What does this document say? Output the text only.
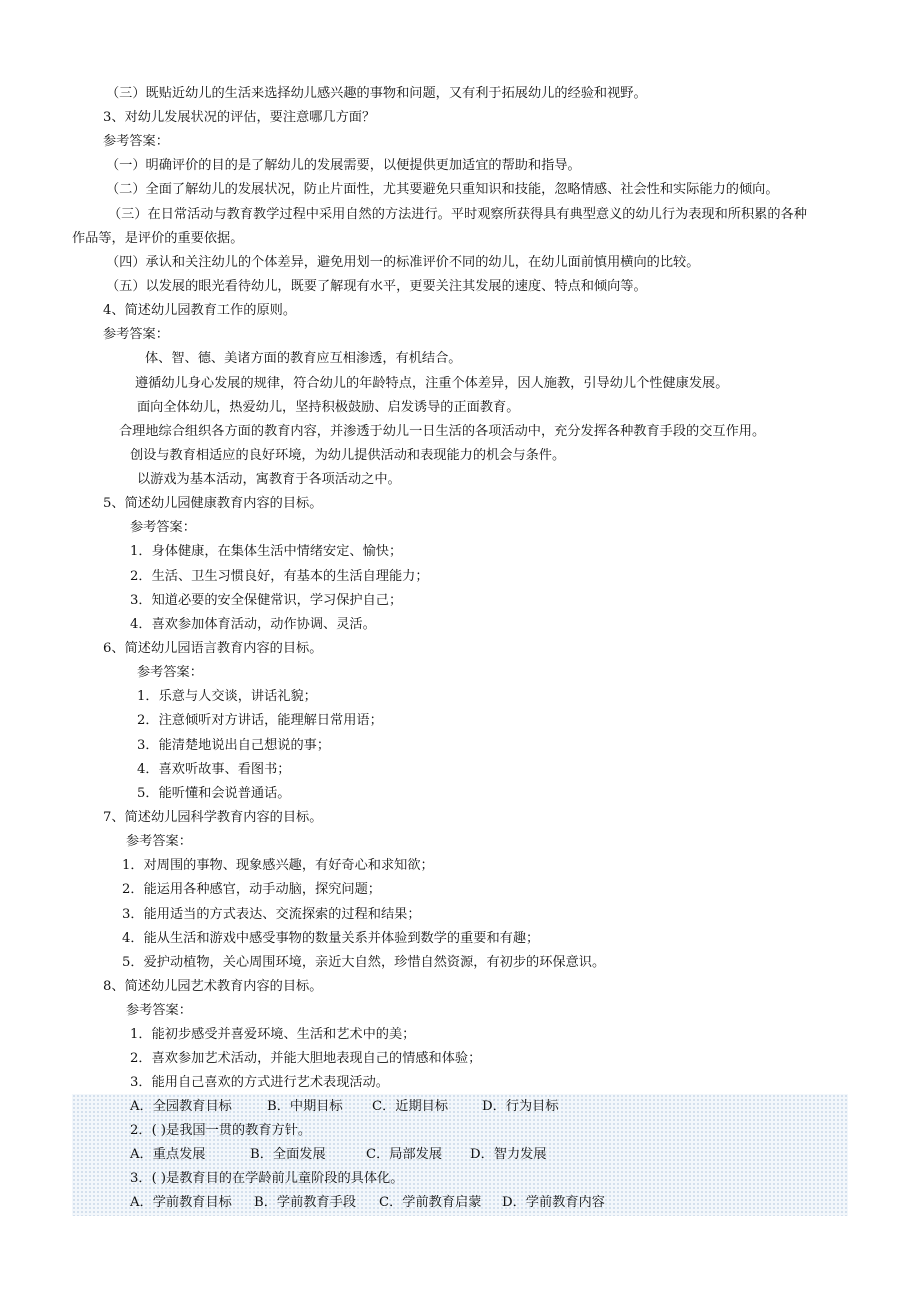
（三）既贴近幼儿的生活来选择幼儿感兴趣的事物和问题，又有利于拓展幼儿的经验和视野。
3、对幼儿发展状况的评估，要注意哪几方面？
参考答案：
（一）明确评价的目的是了解幼儿的发展需要，以便提供更加适宜的帮助和指导。
（二）全面了解幼儿的发展状况，防止片面性，尤其要避免只重知识和技能，忽略情感、社会性和实际能力的倾向。
（三）在日常活动与教育教学过程中采用自然的方法进行。平时观察所获得具有典型意义的幼儿行为表现和所积累的各种
作品等，是评价的重要依据。
（四）承认和关注幼儿的个体差异，避免用划一的标准评价不同的幼儿，在幼儿面前慎用横向的比较。
（五）以发展的眼光看待幼儿，既要了解现有水平，更要关注其发展的速度、特点和倾向等。
4、简述幼儿园教育工作的原则。
参考答案：
体、智、德、美诸方面的教育应互相渗透，有机结合。
遵循幼儿身心发展的规律，符合幼儿的年龄特点，注重个体差异，因人施教，引导幼儿个性健康发展。
面向全体幼儿，热爱幼儿，坚持积极鼓励、启发诱导的正面教育。
合理地综合组织各方面的教育内容，并渗透于幼儿一日生活的各项活动中，充分发挥各种教育手段的交互作用。
创设与教育相适应的良好环境，为幼儿提供活动和表现能力的机会与条件。
以游戏为基本活动，寓教育于各项活动之中。
5、简述幼儿园健康教育内容的目标。
参考答案：
1．身体健康，在集体生活中情绪安定、愉快；
2．生活、卫生习惯良好，有基本的生活自理能力；
3．知道必要的安全保健常识，学习保护自己；
4．喜欢参加体育活动，动作协调、灵活。
6、简述幼儿园语言教育内容的目标。
参考答案：
1．乐意与人交谈，讲话礼貌；
2．注意倾听对方讲话，能理解日常用语；
3．能清楚地说出自己想说的事；
4．喜欢听故事、看图书；
5．能听懂和会说普通话。
7、简述幼儿园科学教育内容的目标。
参考答案：
1．对周围的事物、现象感兴趣，有好奇心和求知欲；
2．能运用各种感官，动手动脑，探究问题；
3．能用适当的方式表达、交流探索的过程和结果；
4．能从生活和游戏中感受事物的数量关系并体验到数学的重要和有趣；
5．爱护动植物，关心周围环境，亲近大自然，珍惜自然资源，有初步的环保意识。
8、简述幼儿园艺术教育内容的目标。
参考答案：
1．能初步感受并喜爱环境、生活和艺术中的美；
2．喜欢参加艺术活动，并能大胆地表现自己的情感和体验；
3．能用自己喜欢的方式进行艺术表现活动。
A．全园教育目标	B．中期目标 C．近期目标	D．行为目标
2．( )是我国一贯的教育方针。
A．重点发展	B．全面发展	C．局部发展 D．智力发展
3．( )是教育目的在学龄前儿童阶段的具体化。
A．学前教育目标 B．学前教育手段 C．学前教育启蒙 D．学前教育内容
